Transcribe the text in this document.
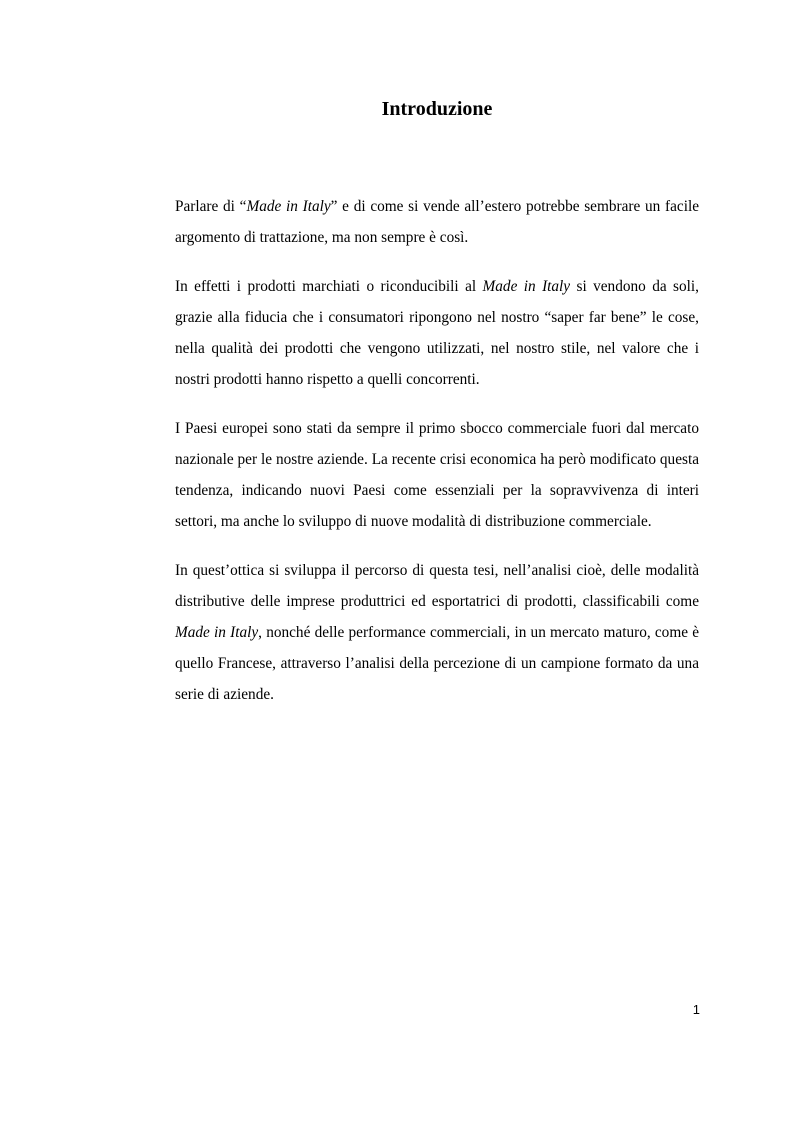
Introduzione

Parlare di “Made in Italy” e di come si vende all’estero potrebbe sembrare un facile argomento di trattazione, ma non sempre è così.

In effetti i prodotti marchiati o riconducibili al Made in Italy si vendono da soli, grazie alla fiducia che i consumatori ripongono nel nostro “saper far bene” le cose, nella qualità dei prodotti che vengono utilizzati, nel nostro stile, nel valore che i nostri prodotti hanno rispetto a quelli concorrenti.

I Paesi europei sono stati da sempre il primo sbocco commerciale fuori dal mercato nazionale per le nostre aziende. La recente crisi economica ha però modificato questa tendenza, indicando nuovi Paesi come essenziali per la sopravvivenza di interi settori, ma anche lo sviluppo di nuove modalità di distribuzione commerciale.

In quest’ottica si sviluppa il percorso di questa tesi, nell’analisi cioè, delle modalità distributive delle imprese produttrici ed esportatrici di prodotti, classificabili come Made in Italy, nonché delle performance commerciali, in un mercato maturo, come è quello Francese, attraverso l’analisi della percezione di un campione formato da una serie di aziende.

1
